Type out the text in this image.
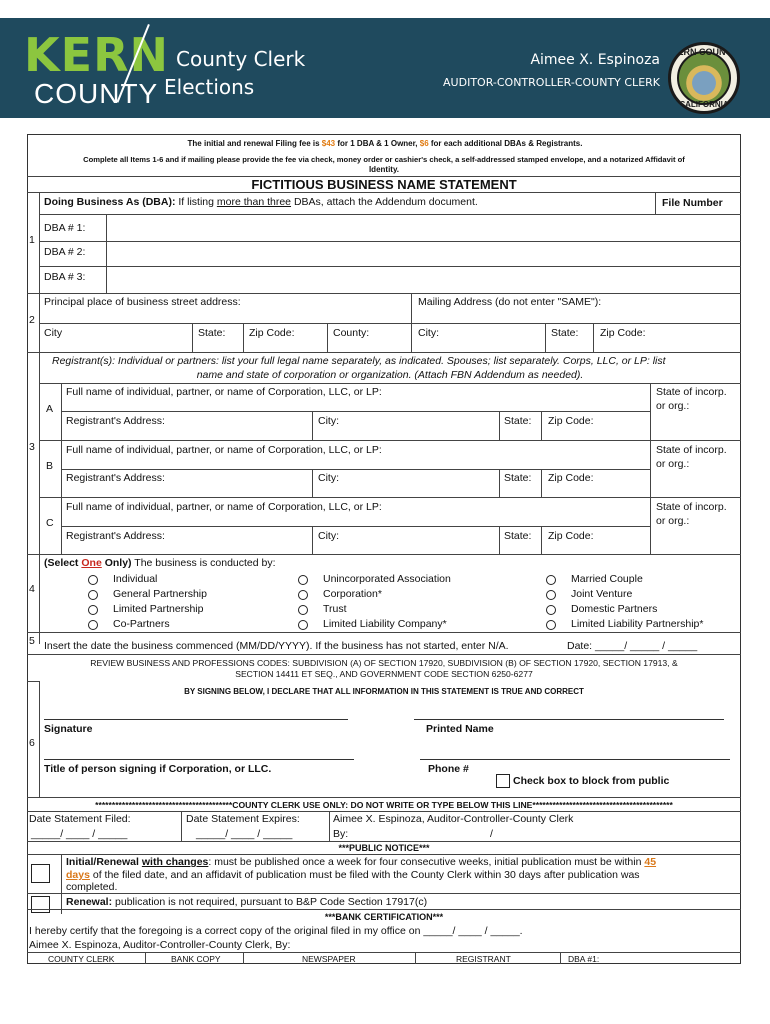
KERN
COUNTY
County Clerk
Elections
Aimee X. Espinoza
AUDITOR-CONTROLLER-COUNTY CLERK
KERN COUNTY
CALIFORNIA
The initial and renewal Filing fee is $43 for 1 DBA & 1 Owner, $6 for each additional DBAs & Registrants.
Complete all Items 1-6 and if mailing please provide the fee via check, money order or cashier's check, a self-addressed stamped envelope, and a notarized Affidavit of
Identity.
FICTITIOUS BUSINESS NAME STATEMENT
1
Doing Business As (DBA): If listing more than three DBAs, attach the Addendum document.	File Number
DBA # 1:
DBA # 2:
DBA # 3:
2
Principal place of business street address:	Mailing Address (do not enter "SAME"):
City	State: Zip Code:	County:	City:	State: Zip Code:
3
Registrant(s): Individual or partners: list your full legal name separately, as indicated. Spouses; list separately. Corps, LLC, or LP: list
name and state of corporation or organization. (Attach FBN Addendum as needed).
A
Full name of individual, partner, or name of Corporation, LLC, or LP:	State of incorp.
or org.:
Registrant's Address:	City:	State: Zip Code:
B
Full name of individual, partner, or name of Corporation, LLC, or LP:	State of incorp.
or org.:
Registrant's Address:	City:	State: Zip Code:
C
Full name of individual, partner, or name of Corporation, LLC, or LP:	State of incorp.
or org.:
Registrant's Address:	City:	State: Zip Code:
4
(Select One Only) The business is conducted by:
Individual
General Partnership
Limited Partnership
Co-Partners
Unincorporated Association
Corporation*
Trust
Limited Liability Company*
Married Couple
Joint Venture
Domestic Partners
Limited Liability Partnership*
5 Insert the date the business commenced (MM/DD/YYYY). If the business has not started, enter N/A.	Date: _____/ _____ / _____
REVIEW BUSINESS AND PROFESSIONS CODES: SUBDIVISION (A) OF SECTION 17920, SUBDIVISION (B) OF SECTION 17920, SECTION 17913, &
SECTION 14411 ET SEQ., AND GOVERNMENT CODE SECTION 6250-6277
BY SIGNING BELOW, I DECLARE THAT ALL INFORMATION IN THIS STATEMENT IS TRUE AND CORRECT
6
Signature	Printed Name
Title of person signing if Corporation, or LLC.	Phone #
Check box to block from public
*****************************************COUNTY CLERK USE ONLY: DO NOT WRITE OR TYPE BELOW THIS LINE******************************************
Date Statement Filed:
_____/ ____ / _____
Date Statement Expires:
_____/ ____ / _____
Aimee X. Espinoza, Auditor-Controller-County Clerk
By:	/
***PUBLIC NOTICE***
Initial/Renewal with changes: must be published once a week for four consecutive weeks, initial publication must be within 45
days of the filed date, and an affidavit of publication must be filed with the County Clerk within 30 days after publication was
completed.
Renewal: publication is not required, pursuant to B&P Code Section 17917(c)
***BANK CERTIFICATION***
I hereby certify that the foregoing is a correct copy of the original filed in my office on _____/ ____ / _____.
Aimee X. Espinoza, Auditor-Controller-County Clerk, By:
COUNTY CLERK	BANK COPY	NEWSPAPER	REGISTRANT	DBA #1:
